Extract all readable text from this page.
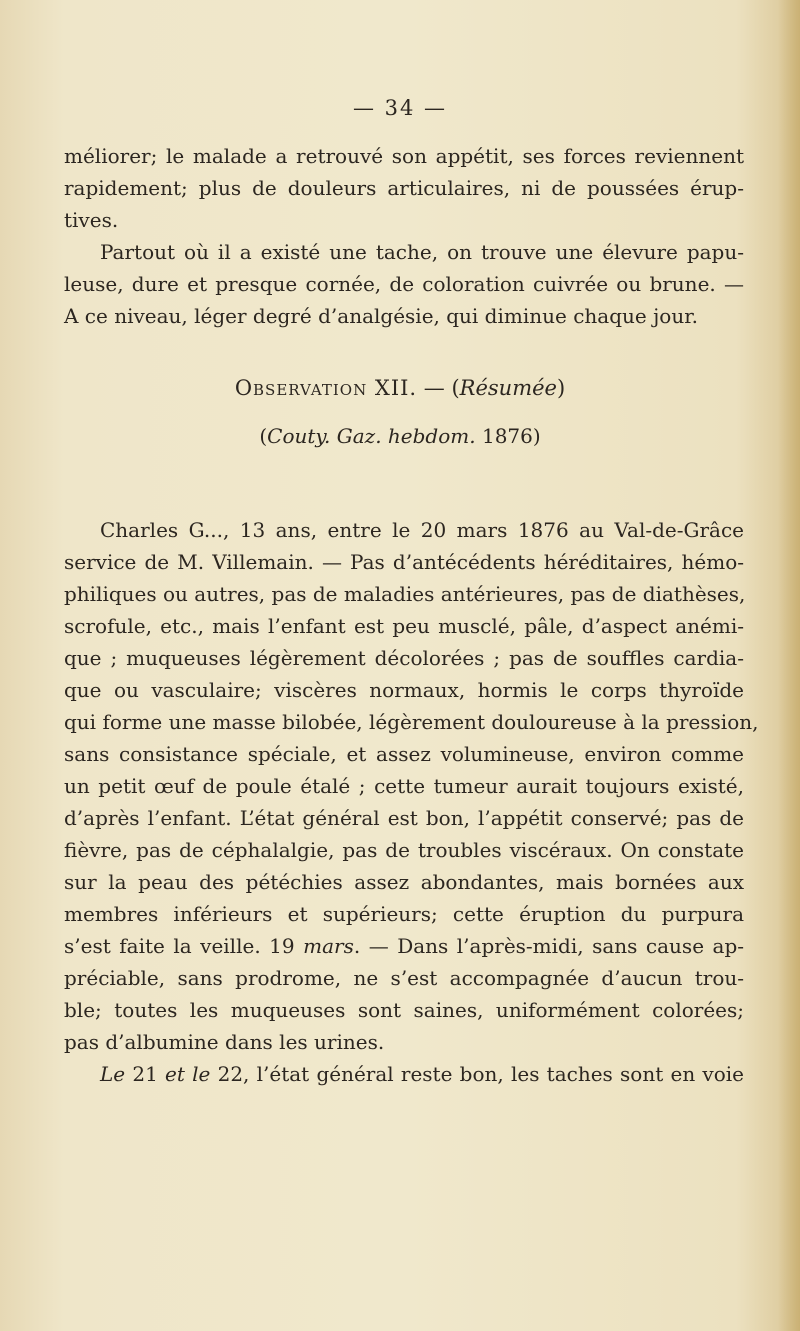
— 34 —
méliorer; le malade a retrouvé son appétit, ses forces reviennent
rapidement; plus de douleurs articulaires, ni de poussées érup-
tives.
Partout où il a existé une tache, on trouve une élevure papu-
leuse, dure et presque cornée, de coloration cuivrée ou brune. —
A ce niveau, léger degré d’analgésie, qui diminue chaque jour.
Observation XII. — (Résumée)
(Couty. Gaz. hebdom. 1876)
Charles G..., 13 ans, entre le 20 mars 1876 au Val-de-Grâce
service de M. Villemain. — Pas d’antécédents héréditaires, hémo-
philiques ou autres, pas de maladies antérieures, pas de diathèses,
scrofule, etc., mais l’enfant est peu musclé, pâle, d’aspect anémi-
que ; muqueuses légèrement décolorées ; pas de souffles cardia-
que ou vasculaire; viscères normaux, hormis le corps thyroïde
qui forme une masse bilobée, légèrement douloureuse à la pression,
sans consistance spéciale, et assez volumineuse, environ comme
un petit œuf de poule étalé ; cette tumeur aurait toujours existé,
d’après l’enfant. L’état général est bon, l’appétit conservé; pas de
fièvre, pas de céphalalgie, pas de troubles viscéraux. On constate
sur la peau des pétéchies assez abondantes, mais bornées aux
membres inférieurs et supérieurs; cette éruption du purpura
s’est faite la veille. 19 mars. — Dans l’après-midi, sans cause ap-
préciable, sans prodrome, ne s’est accompagnée d’aucun trou-
ble; toutes les muqueuses sont saines, uniformément colorées;
pas d’albumine dans les urines.
Le 21 et le 22, l’état général reste bon, les taches sont en voie
